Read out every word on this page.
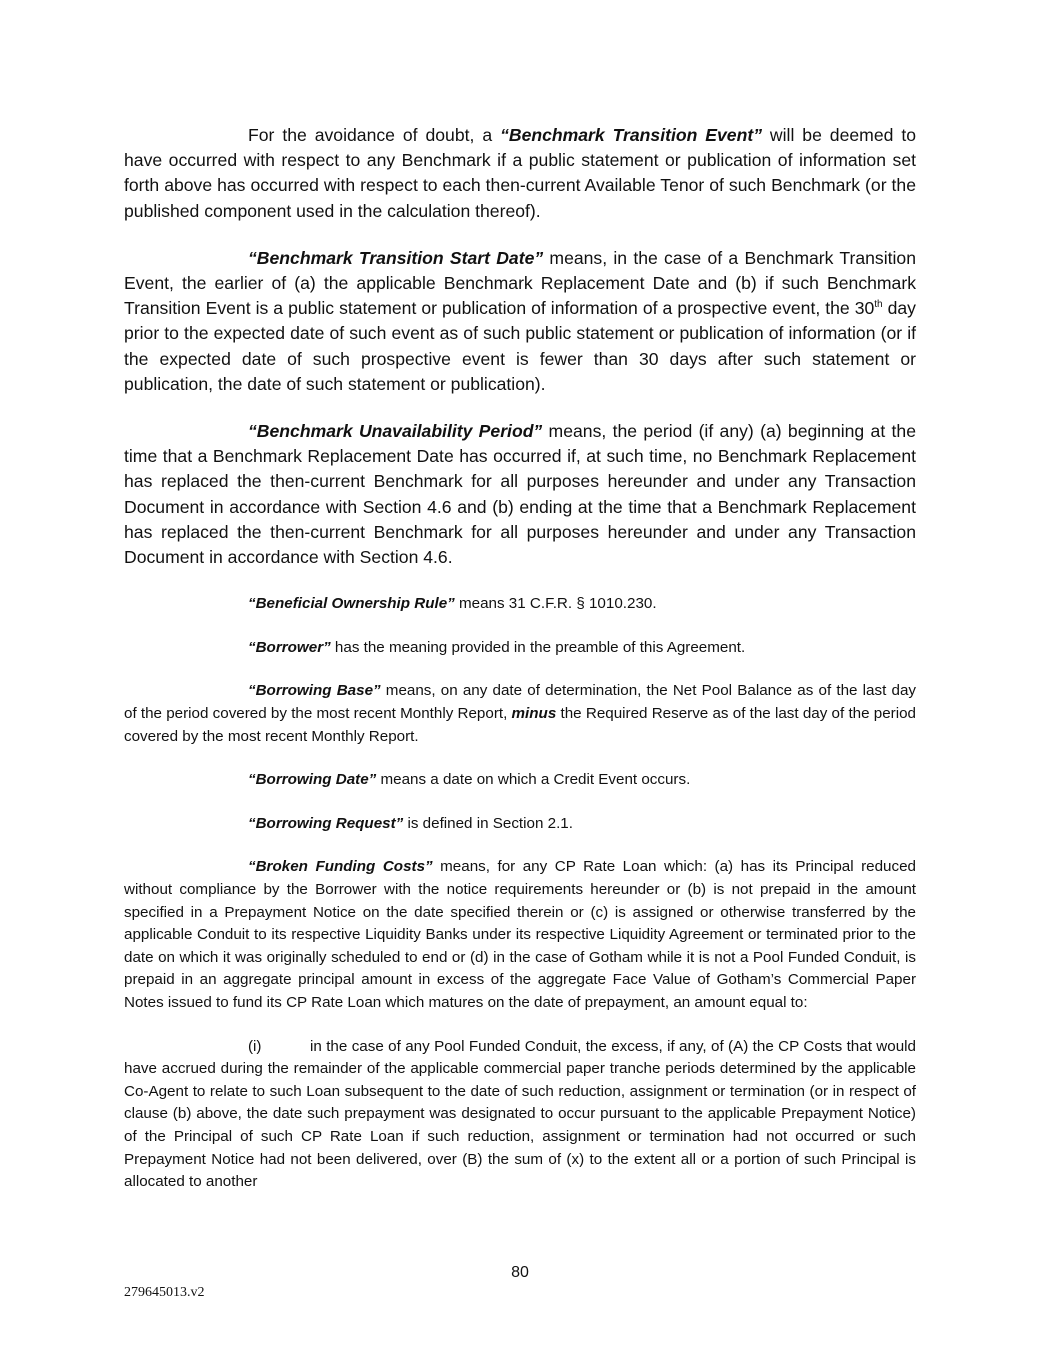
For the avoidance of doubt, a “Benchmark Transition Event” will be deemed to have occurred with respect to any Benchmark if a public statement or publication of information set forth above has occurred with respect to each then-current Available Tenor of such Benchmark (or the published component used in the calculation thereof).

“Benchmark Transition Start Date” means, in the case of a Benchmark Transition Event, the earlier of (a) the applicable Benchmark Replacement Date and (b) if such Benchmark Transition Event is a public statement or publication of information of a prospective event, the 30th day prior to the expected date of such event as of such public statement or publication of information (or if the expected date of such prospective event is fewer than 30 days after such statement or publication, the date of such statement or publication).

“Benchmark Unavailability Period” means, the period (if any) (a) beginning at the time that a Benchmark Replacement Date has occurred if, at such time, no Benchmark Replacement has replaced the then-current Benchmark for all purposes hereunder and under any Transaction Document in accordance with Section 4.6 and (b) ending at the time that a Benchmark Replacement has replaced the then-current Benchmark for all purposes hereunder and under any Transaction Document in accordance with Section 4.6.

“Beneficial Ownership Rule” means 31 C.F.R. § 1010.230.

“Borrower” has the meaning provided in the preamble of this Agreement.

“Borrowing Base” means, on any date of determination, the Net Pool Balance as of the last day of the period covered by the most recent Monthly Report, minus the Required Reserve as of the last day of the period covered by the most recent Monthly Report.

“Borrowing Date” means a date on which a Credit Event occurs.

“Borrowing Request” is defined in Section 2.1.

“Broken Funding Costs” means, for any CP Rate Loan which: (a) has its Principal reduced without compliance by the Borrower with the notice requirements hereunder or (b) is not prepaid in the amount specified in a Prepayment Notice on the date specified therein or (c) is assigned or otherwise transferred by the applicable Conduit to its respective Liquidity Banks under its respective Liquidity Agreement or terminated prior to the date on which it was originally scheduled to end or (d) in the case of Gotham while it is not a Pool Funded Conduit, is prepaid in an aggregate principal amount in excess of the aggregate Face Value of Gotham’s Commercial Paper Notes issued to fund its CP Rate Loan which matures on the date of prepayment, an amount equal to:

(i)	in the case of any Pool Funded Conduit, the excess, if any, of (A) the CP Costs that would have accrued during the remainder of the applicable commercial paper tranche periods determined by the applicable Co-Agent to relate to such Loan subsequent to the date of such reduction, assignment or termination (or in respect of clause (b) above, the date such prepayment was designated to occur pursuant to the applicable Prepayment Notice) of the Principal of such CP Rate Loan if such reduction, assignment or termination had not occurred or such Prepayment Notice had not been delivered, over (B) the sum of (x) to the extent all or a portion of such Principal is allocated to another

80
279645013.v2
